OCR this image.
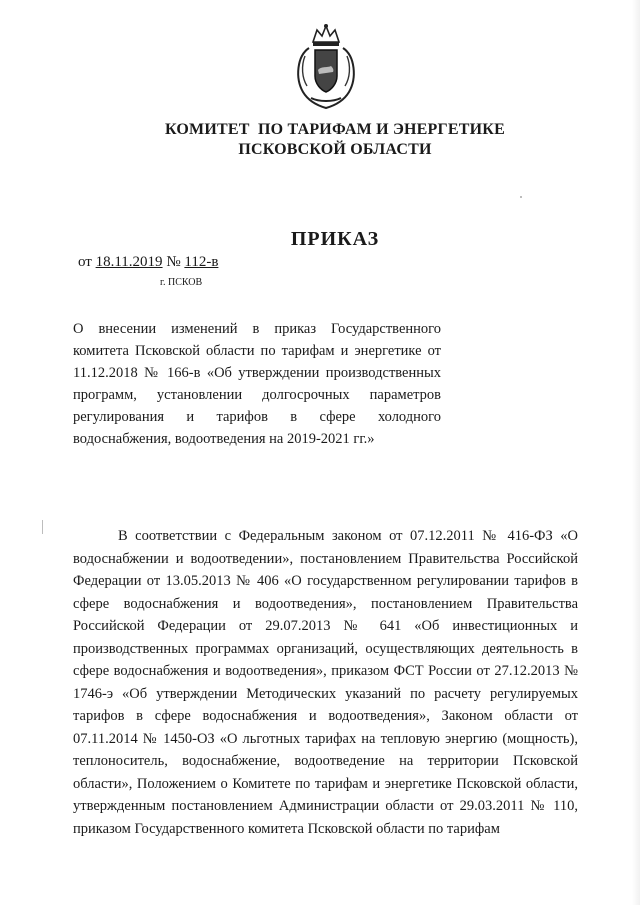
КОМИТЕТ  ПО ТАРИФАМ И ЭНЕРГЕТИКЕ
ПСКОВСКОЙ ОБЛАСТИ
ПРИКАЗ
от 18.11.2019 № 112-в
г. ПСКОВ

О внесении изменений в приказ Государственного комитета Псковской области по тарифам и энергетике от 11.12.2018 № 166-в «Об утверждении производственных программ, установлении долгосрочных параметров регулирования и тарифов в сфере холодного водоснабжения, водоотведения на 2019-2021 гг.»

В соответствии с Федеральным законом от 07.12.2011 № 416-ФЗ «О водоснабжении и водоотведении», постановлением Правительства Российской Федерации от 13.05.2013 № 406 «О государственном регулировании тарифов в сфере водоснабжения и водоотведения», постановлением Правительства Российской Федерации от 29.07.2013 № 641 «Об инвестиционных и производственных программах организаций, осуществляющих деятельность в сфере водоснабжения и водоотведения», приказом ФСТ России от 27.12.2013 № 1746-э «Об утверждении Методических указаний по расчету регулируемых тарифов в сфере водоснабжения и водоотведения», Законом области от 07.11.2014 № 1450-ОЗ «О льготных тарифах на тепловую энергию (мощность), теплоноситель, водоснабжение, водоотведение на территории Псковской области», Положением о Комитете по тарифам и энергетике Псковской области, утвержденным постановлением Администрации области от 29.03.2011 № 110, приказом Государственного комитета Псковской области по тарифам
